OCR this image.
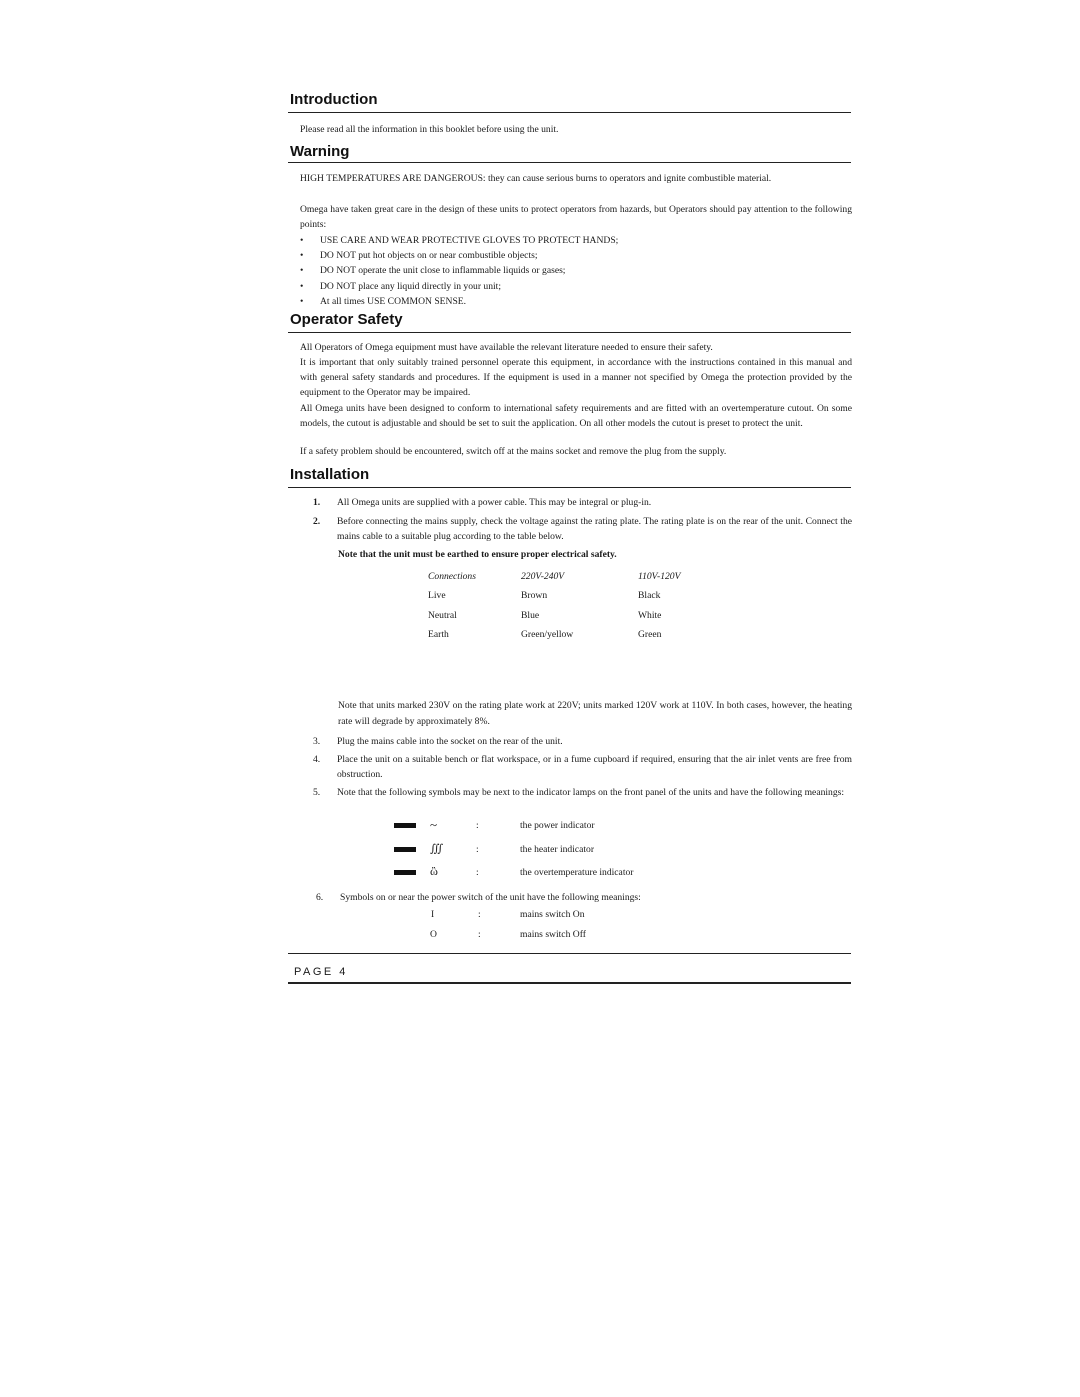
Introduction

Please read all the information in this booklet before using the unit.

Warning

HIGH TEMPERATURES ARE DANGEROUS: they can cause serious burns to operators and ignite combustible material.

Omega have taken great care in the design of these units to protect operators from hazards, but Operators should pay attention to the following points:

• USE CARE AND WEAR PROTECTIVE GLOVES TO PROTECT HANDS;
• DO NOT put hot objects on or near combustible objects;
• DO NOT operate the unit close to inflammable liquids or gases;
• DO NOT place any liquid directly in your unit;
• At all times USE COMMON SENSE.
Operator Safety

All Operators of Omega equipment must have available the relevant literature needed to ensure their safety.

It is important that only suitably trained personnel operate this equipment, in accordance with the instructions contained in this manual and with general safety standards and procedures. If the equipment is used in a manner not specified by Omega the protection provided by the equipment to the Operator may be impaired.

All Omega units have been designed to conform to international safety requirements and are fitted with an overtemperature cutout. On some models, the cutout is adjustable and should be set to suit the application. On all other models the cutout is preset to protect the unit.

If a safety problem should be encountered, switch off at the mains socket and remove the plug from the supply.

Installation
1.	All Omega units are supplied with a power cable. This may be integral or plug-in.
2.	Before connecting the mains supply, check the voltage against the rating plate. The rating plate is on the rear of the unit. Connect the mains cable to a suitable plug according to the table below.

Note that the unit must be earthed to ensure proper electrical safety.

Connections	220V-240V	110V-120V
Live	Brown	Black
Neutral	Blue	White
Earth	Green/yellow	Green

Note that units marked 230V on the rating plate work at 220V; units marked 120V work at 110V. In both cases, however, the heating rate will degrade by approximately 8%.

3.	Plug the mains cable into the socket on the rear of the unit.
4.	Place the unit on a suitable bench or flat workspace, or in a fume cupboard if required, ensuring that the air inlet vents are free from obstruction.
5.	Note that the following symbols may be next to the indicator lamps on the front panel of the units and have the following meanings:
~	:	the power indicator
∭	:	the heater indicator
ὣ	:	the overtemperature indicator
6.	Symbols on or near the power switch of the unit have the following meanings:
I	:	mains switch On
O	:	mains switch Off
PAGE 4
